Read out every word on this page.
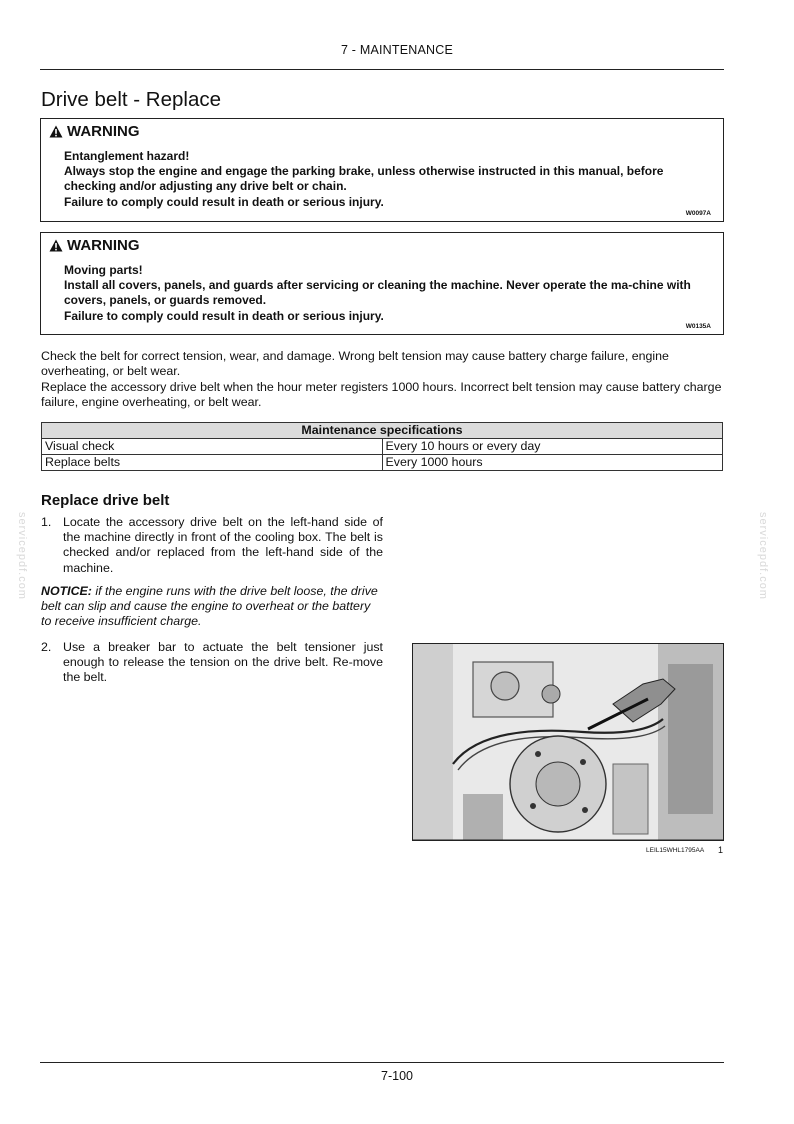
7 - MAINTENANCE
Drive belt - Replace
WARNING

Entanglement hazard!

Always stop the engine and engage the parking brake, unless otherwise instructed in this manual, before checking and/or adjusting any drive belt or chain.

Failure to comply could result in death or serious injury.

W0097A
WARNING

Moving parts!

Install all covers, panels, and guards after servicing or cleaning the machine. Never operate the ma-chine with covers, panels, or guards removed.

Failure to comply could result in death or serious injury.

W0135A

Check the belt for correct tension, wear, and damage. Wrong belt tension may cause battery charge failure, engine overheating, or belt wear.

Replace the accessory drive belt when the hour meter registers 1000 hours. Incorrect belt tension may cause battery charge failure, engine overheating, or belt wear.

Maintenance specifications	
Visual check	Every 10 hours or every day
Replace belts	Every 1000 hours
Replace drive belt
1. Locate the accessory drive belt on the left-hand side of the machine directly in front of the cooling box. The belt is checked and/or replaced from the left-hand side of the machine.
NOTICE: if the engine runs with the drive belt loose, the drive belt can slip and cause the engine to overheat or the battery to receive insufficient charge.
2. Use a breaker bar to actuate the belt tensioner just enough to release the tension on the drive belt. Re-move the belt.
LEIL15WHL1795AA 1
servicepdf.com	servicepdf.com
7-100
